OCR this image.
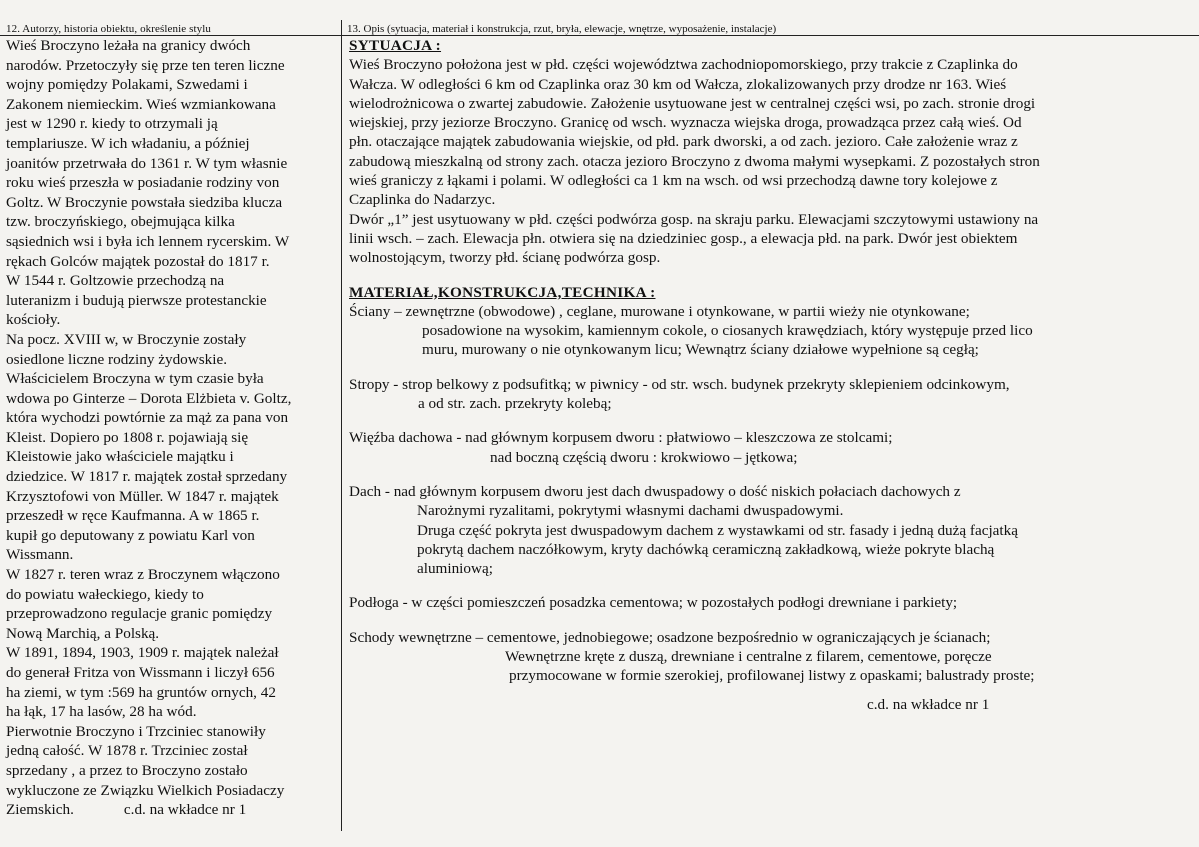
12. Autorzy, historia obiektu, określenie stylu	13. Opis (sytuacja, materiał i konstrukcja, rzut, bryła, elewacje, wnętrze, wyposażenie, instalacje)
Wieś Broczyno leżała na granicy dwóch
narodów. Przetoczyły się prze ten teren liczne
wojny pomiędzy Polakami, Szwedami i
Zakonem niemieckim. Wieś wzmiankowana
jest w 1290 r. kiedy to otrzymali ją
templariusze. W ich władaniu, a później
joanitów przetrwała do 1361 r. W tym własnie
roku wieś przeszła w posiadanie rodziny von
Goltz. W Broczynie powstała siedziba klucza
tzw. broczyńskiego, obejmująca kilka
sąsiednich wsi i była ich lennem rycerskim. W
rękach Golców majątek pozostał do 1817 r.
W 1544 r. Goltzowie przechodzą na
luteranizm i budują pierwsze protestanckie
kościoły.
Na pocz. XVIII w, w Broczynie zostały
osiedlone liczne rodziny żydowskie.
Właścicielem Broczyna w tym czasie była
wdowa po Ginterze – Dorota Elżbieta v. Goltz,
która wychodzi powtórnie za mąż za pana von
Kleist. Dopiero po 1808 r. pojawiają się
Kleistowie jako właściciele majątku i
dziedzice. W 1817 r. majątek został sprzedany
Krzysztofowi von Müller. W 1847 r. majątek
przeszedł w ręce Kaufmanna. A w 1865 r.
kupił go deputowany z powiatu Karl von
Wissmann.
W 1827 r. teren wraz z Broczynem włączono
do powiatu wałeckiego, kiedy to
przeprowadzono regulacje granic pomiędzy
Nową Marchią, a Polską.
W 1891, 1894, 1903, 1909 r. majątek należał
do generał Fritza von Wissmann i liczył 656
ha ziemi, w tym :569 ha gruntów ornych, 42
ha łąk, 17 ha lasów, 28 ha wód.
Pierwotnie Broczyno i Trzciniec stanowiły
jedną całość. W 1878 r. Trzciniec został
sprzedany , a przez to Broczyno zostało
wykluczone ze Związku Wielkich Posiadaczy
Ziemskich.	c.d. na wkładce nr 1
SYTUACJA :
Wieś Broczyno położona jest w płd. części województwa zachodniopomorskiego, przy trakcie z Czaplinka do
Wałcza. W odległości 6 km od Czaplinka oraz 30 km od Wałcza, zlokalizowanych przy drodze nr 163. Wieś
wielodrożnicowa o zwartej zabudowie. Założenie usytuowane jest w centralnej części wsi, po zach. stronie drogi
wiejskiej, przy jeziorze Broczyno. Granicę od wsch. wyznacza wiejska droga, prowadząca przez całą wieś. Od
płn. otaczające majątek zabudowania wiejskie, od płd. park dworski, a od zach. jezioro. Całe założenie wraz z
zabudową mieszkalną od strony zach. otacza jezioro Broczyno z dwoma małymi wysepkami. Z pozostałych stron
wieś graniczy z łąkami i polami. W odległości ca 1 km na wsch. od wsi przechodzą dawne tory kolejowe z
Czaplinka do Nadarzyc.
Dwór „1” jest usytuowany w płd. części podwórza gosp. na skraju parku. Elewacjami szczytowymi ustawiony na
linii wsch. – zach. Elewacja płn. otwiera się na dziedziniec gosp., a elewacja płd. na park. Dwór jest obiektem
wolnostojącym, tworzy płd. ścianę podwórza gosp.
MATERIAŁ,KONSTRUKCJA,TECHNIKA :
Ściany – zewnętrzne (obwodowe) , ceglane, murowane i otynkowane, w partii wieży nie otynkowane;
posadowione na wysokim, kamiennym cokole, o ciosanych krawędziach, który występuje przed lico
muru, murowany o nie otynkowanym licu; Wewnątrz ściany działowe wypełnione są cegłą;
Stropy - strop belkowy z podsufitką; w piwnicy - od str. wsch. budynek przekryty sklepieniem odcinkowym,
a od str. zach. przekryty kolebą;
Więźba dachowa - nad głównym korpusem dworu : płatwiowo – kleszczowa ze stolcami;
nad boczną częścią dworu : krokwiowo – jętkowa;
Dach - nad głównym korpusem dworu jest dach dwuspadowy o dość niskich połaciach dachowych z
Narożnymi ryzalitami, pokrytymi własnymi dachami dwuspadowymi.
Druga część pokryta jest dwuspadowym dachem z wystawkami od str. fasady i jedną dużą facjatką
pokrytą dachem naczółkowym, kryty dachówką ceramiczną zakładkową, wieże pokryte blachą
aluminiową;
Podłoga - w części pomieszczeń posadzka cementowa; w pozostałych podłogi drewniane i parkiety;
Schody wewnętrzne – cementowe, jednobiegowe; osadzone bezpośrednio w ograniczających je ścianach;
Wewnętrzne kręte z duszą, drewniane i centralne z filarem, cementowe, poręcze
przymocowane w formie szerokiej, profilowanej listwy z opaskami; balustrady proste;
c.d. na wkładce nr 1
